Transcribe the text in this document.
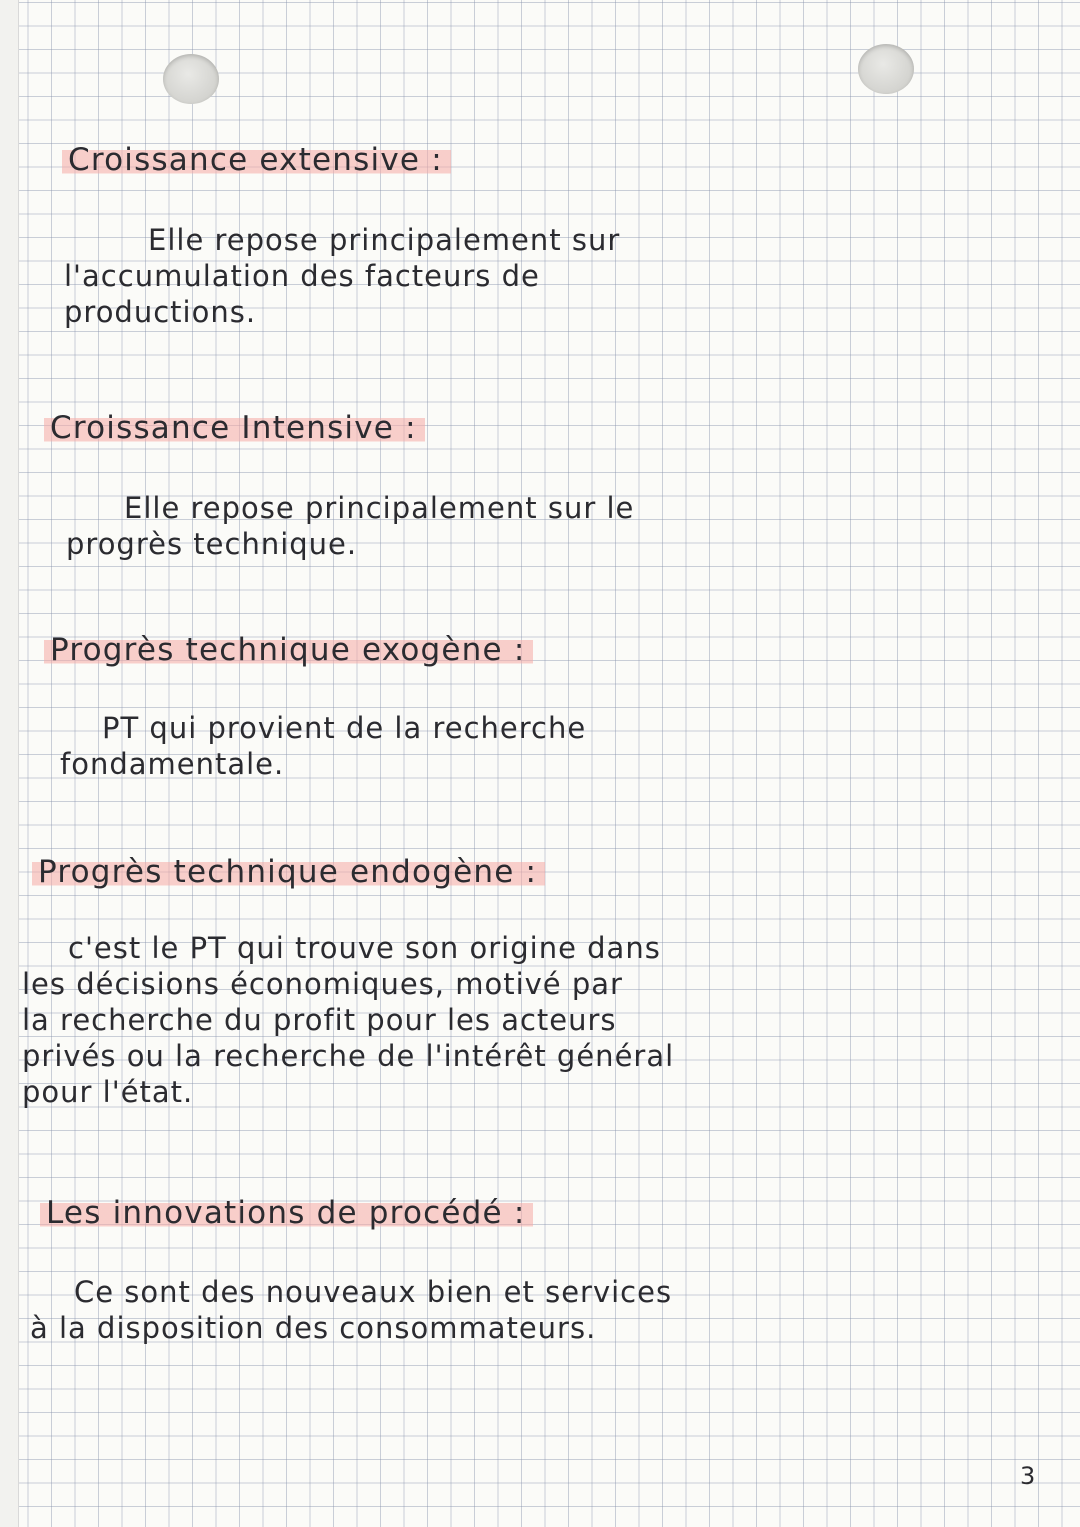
Croissance extensive :

Elle repose principalement sur
l'accumulation des facteurs de
productions.

Croissance Intensive :

Elle repose principalement sur le
progrès technique.

Progrès technique exogène :

PT qui provient de la recherche
fondamentale.

Progrès technique endogène :

c'est le PT qui trouve son origine dans
les décisions économiques, motivé par
la recherche du profit pour les acteurs
privés ou la recherche de l'intérêt général
pour l'état.

Les innovations de procédé :

Ce sont des nouveaux bien et services
à la disposition des consommateurs.

3
